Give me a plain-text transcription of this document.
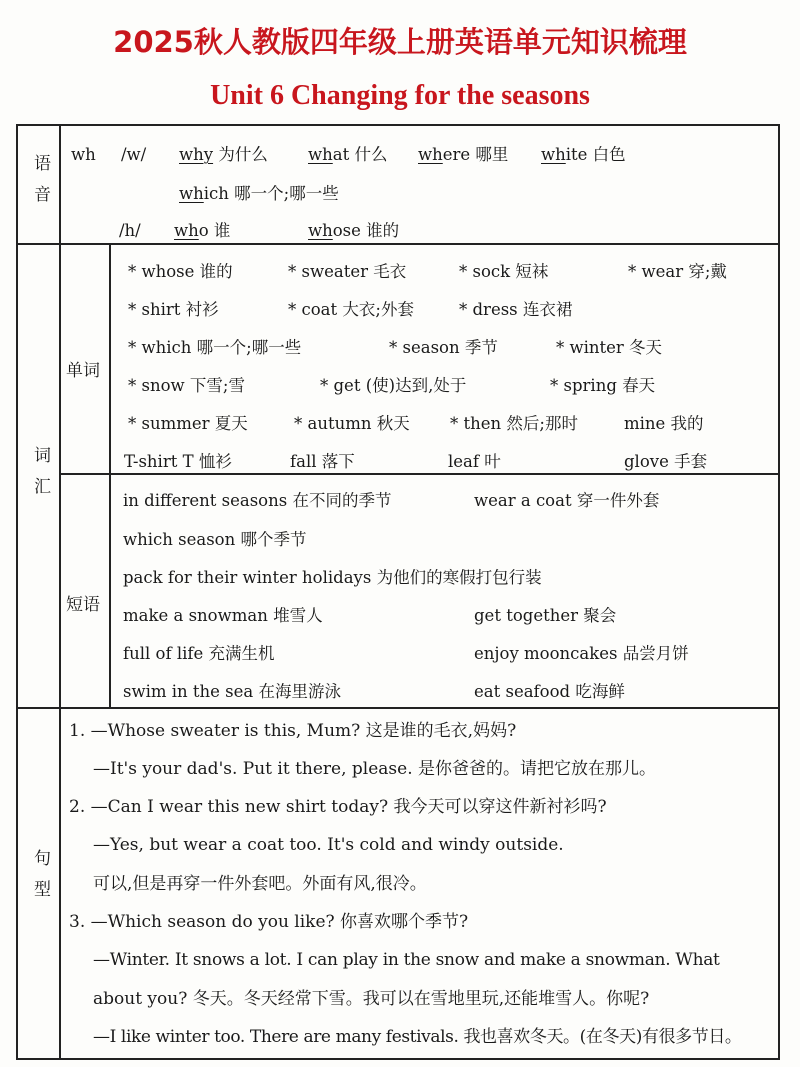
2025秋人教版四年级上册英语单元知识梳理
Unit 6 Changing for the seasons
语音
词汇
句型
单词
短语
wh /w/ why 为什么 what 什么 where 哪里 white 白色
which 哪一个;哪一些
/h/ who 谁	whose 谁的
* whose 谁的	* sweater 毛衣	* sock 短袜	* wear 穿;戴
* shirt 衬衫	* coat 大衣;外套	* dress 连衣裙
* which 哪一个;哪一些	* season 季节	* winter 冬天
* snow 下雪;雪	* get (使)达到,处于	* spring 春天
* summer 夏天	* autumn 秋天 * then 然后;那时	mine 我的
T-shirt T 恤衫	fall 落下	leaf 叶	glove 手套
in different seasons 在不同的季节	wear a coat 穿一件外套
which season 哪个季节
pack for their winter holidays 为他们的寒假打包行装
make a snowman 堆雪人	get together 聚会
full of life 充满生机	enjoy mooncakes 品尝月饼
swim in the sea 在海里游泳	eat seafood 吃海鲜
1. —Whose sweater is this, Mum? 这是谁的毛衣,妈妈?
—It's your dad's. Put it there, please. 是你爸爸的。请把它放在那儿。
2. —Can I wear this new shirt today? 我今天可以穿这件新衬衫吗?
—Yes, but wear a coat too. It's cold and windy outside.
可以,但是再穿一件外套吧。外面有风,很冷。
3. —Which season do you like? 你喜欢哪个季节?
—Winter. It snows a lot. I can play in the snow and make a snowman. What
about you? 冬天。冬天经常下雪。我可以在雪地里玩,还能堆雪人。你呢?
—I like winter too. There are many festivals. 我也喜欢冬天。(在冬天)有很多节日。
